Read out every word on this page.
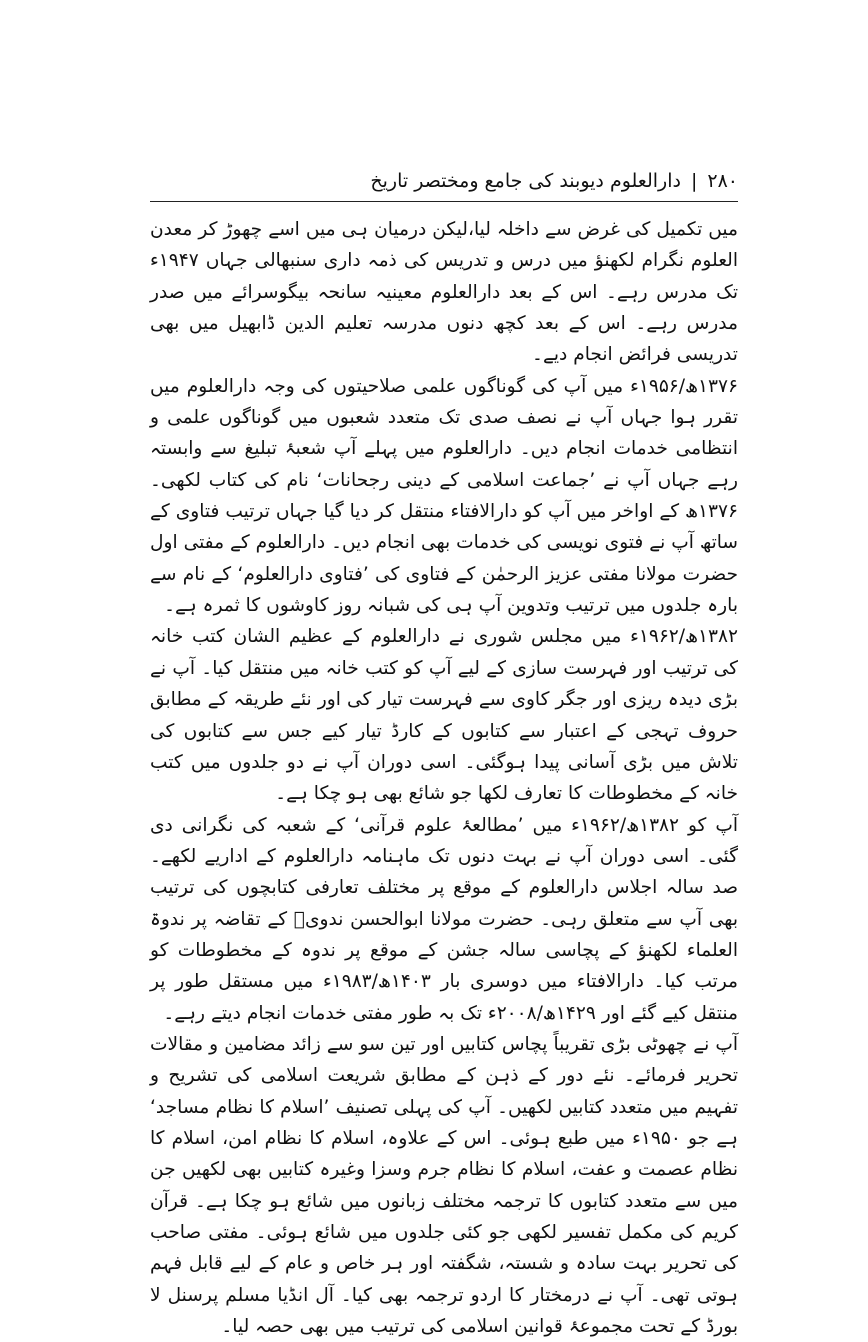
۲۸۰
|
دارالعلوم دیوبند کی جامع ومختصر تاریخ

میں تکمیل کی غرض سے داخلہ لیا،لیکن درمیان ہی میں اسے چھوڑ کر معدن العلوم نگرام لکھنؤ میں درس و تدریس کی ذمہ داری سنبھالی جہاں ۱۹۴۷ء تک مدرس رہے۔ اس کے بعد دارالعلوم معینیہ سانحہ بیگوسرائے میں صدر مدرس رہے۔ اس کے بعد کچھ دنوں مدرسہ تعلیم الدین ڈابھیل میں بھی تدریسی فرائض انجام دیے۔

۱۳۷۶ھ/۱۹۵۶ء میں آپ کی گوناگوں علمی صلاحیتوں کی وجہ دارالعلوم میں تقرر ہوا جہاں آپ نے نصف صدی تک متعدد شعبوں میں گوناگوں علمی و انتظامی خدمات انجام دیں۔ دارالعلوم میں پہلے آپ شعبۂ تبلیغ سے وابستہ رہے جہاں آپ نے ’جماعت اسلامی کے دینی رجحانات‘ نام کی کتاب لکھی۔ ۱۳۷۶ھ کے اواخر میں آپ کو دارالافتاء منتقل کر دیا گیا جہاں ترتیب فتاوی کے ساتھ آپ نے فتوی نویسی کی خدمات بھی انجام دیں۔ دارالعلوم کے مفتی اول حضرت مولانا مفتی عزیز الرحمٰن کے فتاوی کی ’فتاوی دارالعلوم‘ کے نام سے بارہ جلدوں میں ترتیب وتدوین آپ ہی کی شبانہ روز کاوشوں کا ثمرہ ہے۔

۱۳۸۲ھ/۱۹۶۲ء میں مجلس شوری نے دارالعلوم کے عظیم الشان کتب خانہ کی ترتیب اور فہرست سازی کے لیے آپ کو کتب خانہ میں منتقل کیا۔ آپ نے بڑی دیدہ ریزی اور جگر کاوی سے فہرست تیار کی اور نئے طریقہ کے مطابق حروف تہجی کے اعتبار سے کتابوں کے کارڈ تیار کیے جس سے کتابوں کی تلاش میں بڑی آسانی پیدا ہوگئی۔ اسی دوران آپ نے دو جلدوں میں کتب خانہ کے مخطوطات کا تعارف لکھا جو شائع بھی ہو چکا ہے۔

آپ کو ۱۳۸۲ھ/۱۹۶۲ء میں ’مطالعۂ علوم قرآنی‘ کے شعبہ کی نگرانی دی گئی۔ اسی دوران آپ نے بہت دنوں تک ماہنامہ دارالعلوم کے اداریے لکھے۔ صد سالہ اجلاس دارالعلوم کے موقع پر مختلف تعارفی کتابچوں کی ترتیب بھی آپ سے متعلق رہی۔ حضرت مولانا ابوالحسن ندویؒ کے تقاضہ پر ندوۃ العلماء لکھنؤ کے پچاسی سالہ جشن کے موقع پر ندوہ کے مخطوطات کو مرتب کیا۔ دارالافتاء میں دوسری بار ۱۴۰۳ھ/۱۹۸۳ء میں مستقل طور پر منتقل کیے گئے اور ۱۴۲۹ھ/۲۰۰۸ء تک بہ طور مفتی خدمات انجام دیتے رہے۔

آپ نے چھوٹی بڑی تقریباً پچاس کتابیں اور تین سو سے زائد مضامین و مقالات تحریر فرمائے۔ نئے دور کے ذہن کے مطابق شریعت اسلامی کی تشریح و تفہیم میں متعدد کتابیں لکھیں۔ آپ کی پہلی تصنیف ’اسلام کا نظام مساجد‘ ہے جو ۱۹۵۰ء میں طبع ہوئی۔ اس کے علاوہ، اسلام کا نظام امن، اسلام کا نظام عصمت و عفت، اسلام کا نظام جرم وسزا وغیرہ کتابیں بھی لکھیں جن میں سے متعدد کتابوں کا ترجمہ مختلف زبانوں میں شائع ہو چکا ہے۔ قرآن کریم کی مکمل تفسیر لکھی جو کئی جلدوں میں شائع ہوئی۔ مفتی صاحب کی تحریر بہت سادہ و شستہ، شگفتہ اور ہر خاص و عام کے لیے قابل فہم ہوتی تھی۔ آپ نے درمختار کا اردو ترجمہ بھی کیا۔ آل انڈیا مسلم پرسنل لا بورڈ کے تحت مجموعۂ قوانین اسلامی کی ترتیب میں بھی حصہ لیا۔
